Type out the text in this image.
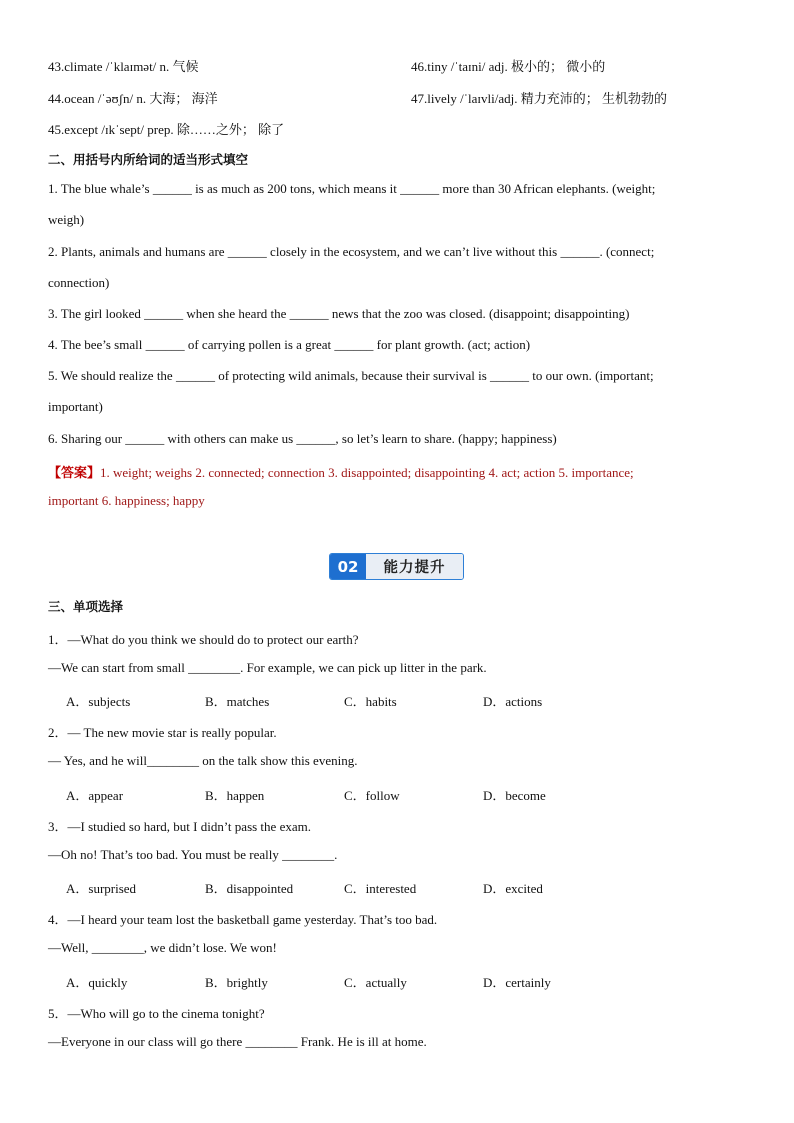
43.climate /ˈklaɪmət/ n. 气候	46.tiny /ˈtaɪni/ adj. 极小的； 微小的
44.ocean /ˈəʊʃn/ n. 大海； 海洋	47.lively /ˈlaɪvli/adj. 精力充沛的； 生机勃勃的
45.except /ɪkˈsept/ prep. 除……之外； 除了
二、用括号内所给词的适当形式填空
1. The blue whale’s ______ is as much as 200 tons, which means it ______ more than 30 African elephants. (weight;
weigh)
2. Plants, animals and humans are ______ closely in the ecosystem, and we can’t live without this ______. (connect;
connection)
3. The girl looked ______ when she heard the ______ news that the zoo was closed. (disappoint; disappointing)
4. The bee’s small ______ of carrying pollen is a great ______ for plant growth. (act; action)
5. We should realize the ______ of protecting wild animals, because their survival is ______ to our own. (important;
important)
6. Sharing our ______ with others can make us ______, so let’s learn to share. (happy; happiness)
【答案】1. weight; weighs 2. connected; connection 3. disappointed; disappointing 4. act; action 5. importance;
important 6. happiness; happy
02	能力提升
三、单项选择
1．—What do you think we should do to protect our earth?
—We can start from small ________. For example, we can pick up litter in the park.
A．subjects	B．matches	C．habits	D．actions
2．— The new movie star is really popular.
— Yes, and he will________ on the talk show this evening.
A．appear	B．happen	C．follow	D．become
3．—I studied so hard, but I didn’t pass the exam.
—Oh no! That’s too bad. You must be really ________.
A．surprised	B．disappointed	C．interested	D．excited
4．—I heard your team lost the basketball game yesterday. That’s too bad.
—Well, ________, we didn’t lose. We won!
A．quickly	B．brightly	C．actually	D．certainly
5．—Who will go to the cinema tonight?
—Everyone in our class will go there ________ Frank. He is ill at home.
